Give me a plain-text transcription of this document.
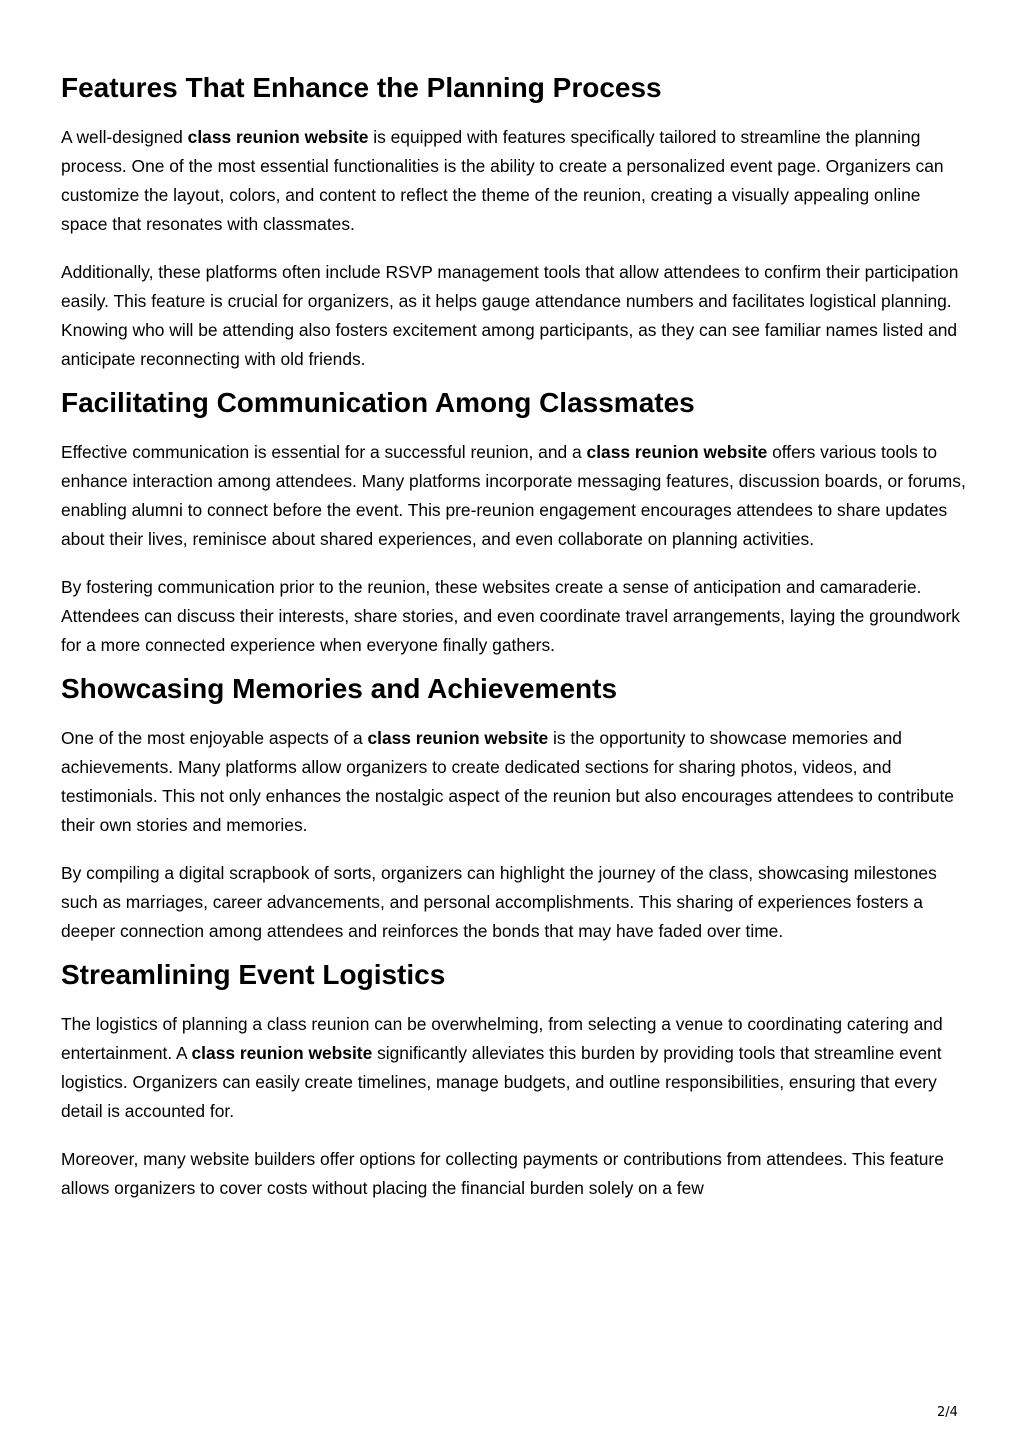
Features That Enhance the Planning Process

A well-designed class reunion website is equipped with features specifically tailored to streamline the planning process. One of the most essential functionalities is the ability to create a personalized event page. Organizers can customize the layout, colors, and content to reflect the theme of the reunion, creating a visually appealing online space that resonates with classmates.

Additionally, these platforms often include RSVP management tools that allow attendees to confirm their participation easily. This feature is crucial for organizers, as it helps gauge attendance numbers and facilitates logistical planning. Knowing who will be attending also fosters excitement among participants, as they can see familiar names listed and anticipate reconnecting with old friends.

Facilitating Communication Among Classmates

Effective communication is essential for a successful reunion, and a class reunion website offers various tools to enhance interaction among attendees. Many platforms incorporate messaging features, discussion boards, or forums, enabling alumni to connect before the event. This pre-reunion engagement encourages attendees to share updates about their lives, reminisce about shared experiences, and even collaborate on planning activities.

By fostering communication prior to the reunion, these websites create a sense of anticipation and camaraderie. Attendees can discuss their interests, share stories, and even coordinate travel arrangements, laying the groundwork for a more connected experience when everyone finally gathers.

Showcasing Memories and Achievements

One of the most enjoyable aspects of a class reunion website is the opportunity to showcase memories and achievements. Many platforms allow organizers to create dedicated sections for sharing photos, videos, and testimonials. This not only enhances the nostalgic aspect of the reunion but also encourages attendees to contribute their own stories and memories.

By compiling a digital scrapbook of sorts, organizers can highlight the journey of the class, showcasing milestones such as marriages, career advancements, and personal accomplishments. This sharing of experiences fosters a deeper connection among attendees and reinforces the bonds that may have faded over time.

Streamlining Event Logistics

The logistics of planning a class reunion can be overwhelming, from selecting a venue to coordinating catering and entertainment. A class reunion website significantly alleviates this burden by providing tools that streamline event logistics. Organizers can easily create timelines, manage budgets, and outline responsibilities, ensuring that every detail is accounted for.

Moreover, many website builders offer options for collecting payments or contributions from attendees. This feature allows organizers to cover costs without placing the financial burden solely on a few

2/4
